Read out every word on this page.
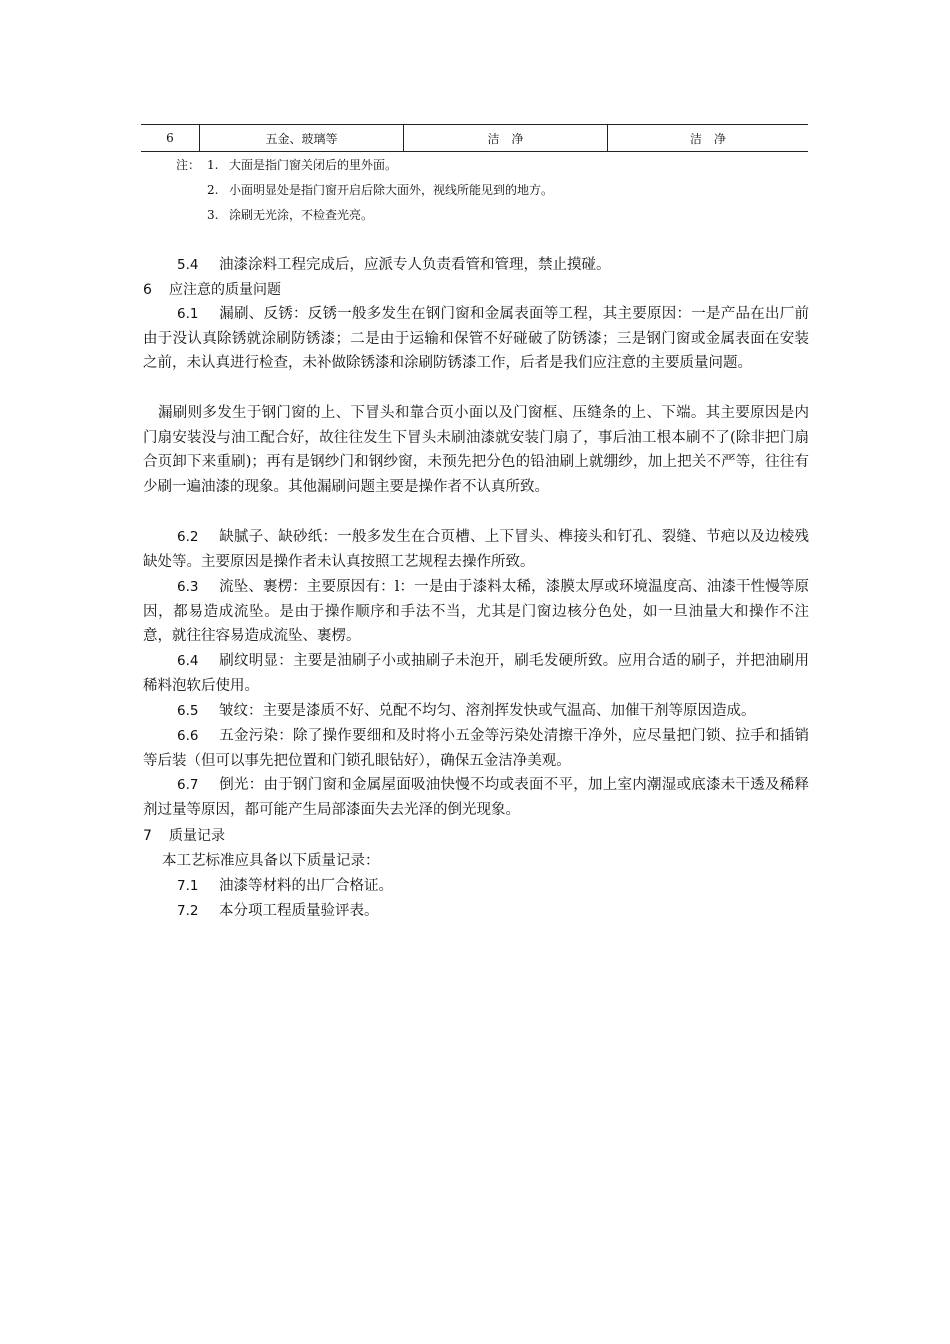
6	五金、玻璃等	洁　净	洁　净
注： 1. 大面是指门窗关闭后的里外面。
2. 小面明显处是指门窗开启后除大面外，视线所能见到的地方。
3. 涂刷无光涂，不检查光亮。
5.4 油漆涂料工程完成后，应派专人负责看管和管理，禁止摸碰。
6 应注意的质量问题

6.1 漏刷、反锈：反锈一般多发生在钢门窗和金属表面等工程，其主要原因：一是产品在出厂前由于没认真除锈就涂刷防锈漆；二是由于运输和保管不好碰破了防锈漆；三是钢门窗或金属表面在安装之前，未认真进行检查，未补做除锈漆和涂刷防锈漆工作，后者是我们应注意的主要质量问题。

漏刷则多发生于钢门窗的上、下冒头和靠合页小面以及门窗框、压缝条的上、下端。其主要原因是内门扇安装没与油工配合好，故往往发生下冒头未刷油漆就安装门扇了，事后油工根本刷不了(除非把门扇合页卸下来重刷)；再有是钢纱门和钢纱窗，未预先把分色的铅油刷上就绷纱，加上把关不严等，往往有少刷一遍油漆的现象。其他漏刷问题主要是操作者不认真所致。

6.2 缺腻子、缺砂纸：一般多发生在合页槽、上下冒头、榫接头和钉孔、裂缝、节疤以及边棱残缺处等。主要原因是操作者未认真按照工艺规程去操作所致。

6.3 流坠、裹楞：主要原因有：l：一是由于漆料太稀，漆膜太厚或环境温度高、油漆干性慢等原因，都易造成流坠。是由于操作顺序和手法不当，尤其是门窗边核分色处，如一旦油量大和操作不注意，就往往容易造成流坠、裹楞。

6.4 刷纹明显：主要是油刷子小或抽刷子未泡开，刷毛发硬所致。应用合适的刷子，并把油刷用稀料泡软后使用。

6.5 皱纹：主要是漆质不好、兑配不均匀、溶剂挥发快或气温高、加催干剂等原因造成。

6.6 五金污染：除了操作要细和及时将小五金等污染处清擦干净外，应尽量把门锁、拉手和插销等后装（但可以事先把位置和门锁孔眼钻好），确保五金洁净美观。

6.7 倒光：由于钢门窗和金属屋面吸油快慢不均或表面不平，加上室内潮湿或底漆未干透及稀释剂过量等原因，都可能产生局部漆面失去光泽的倒光现象。

7 质量记录
本工艺标准应具备以下质量记录：
7.1 油漆等材料的出厂合格证。
7.2 本分项工程质量验评表。
